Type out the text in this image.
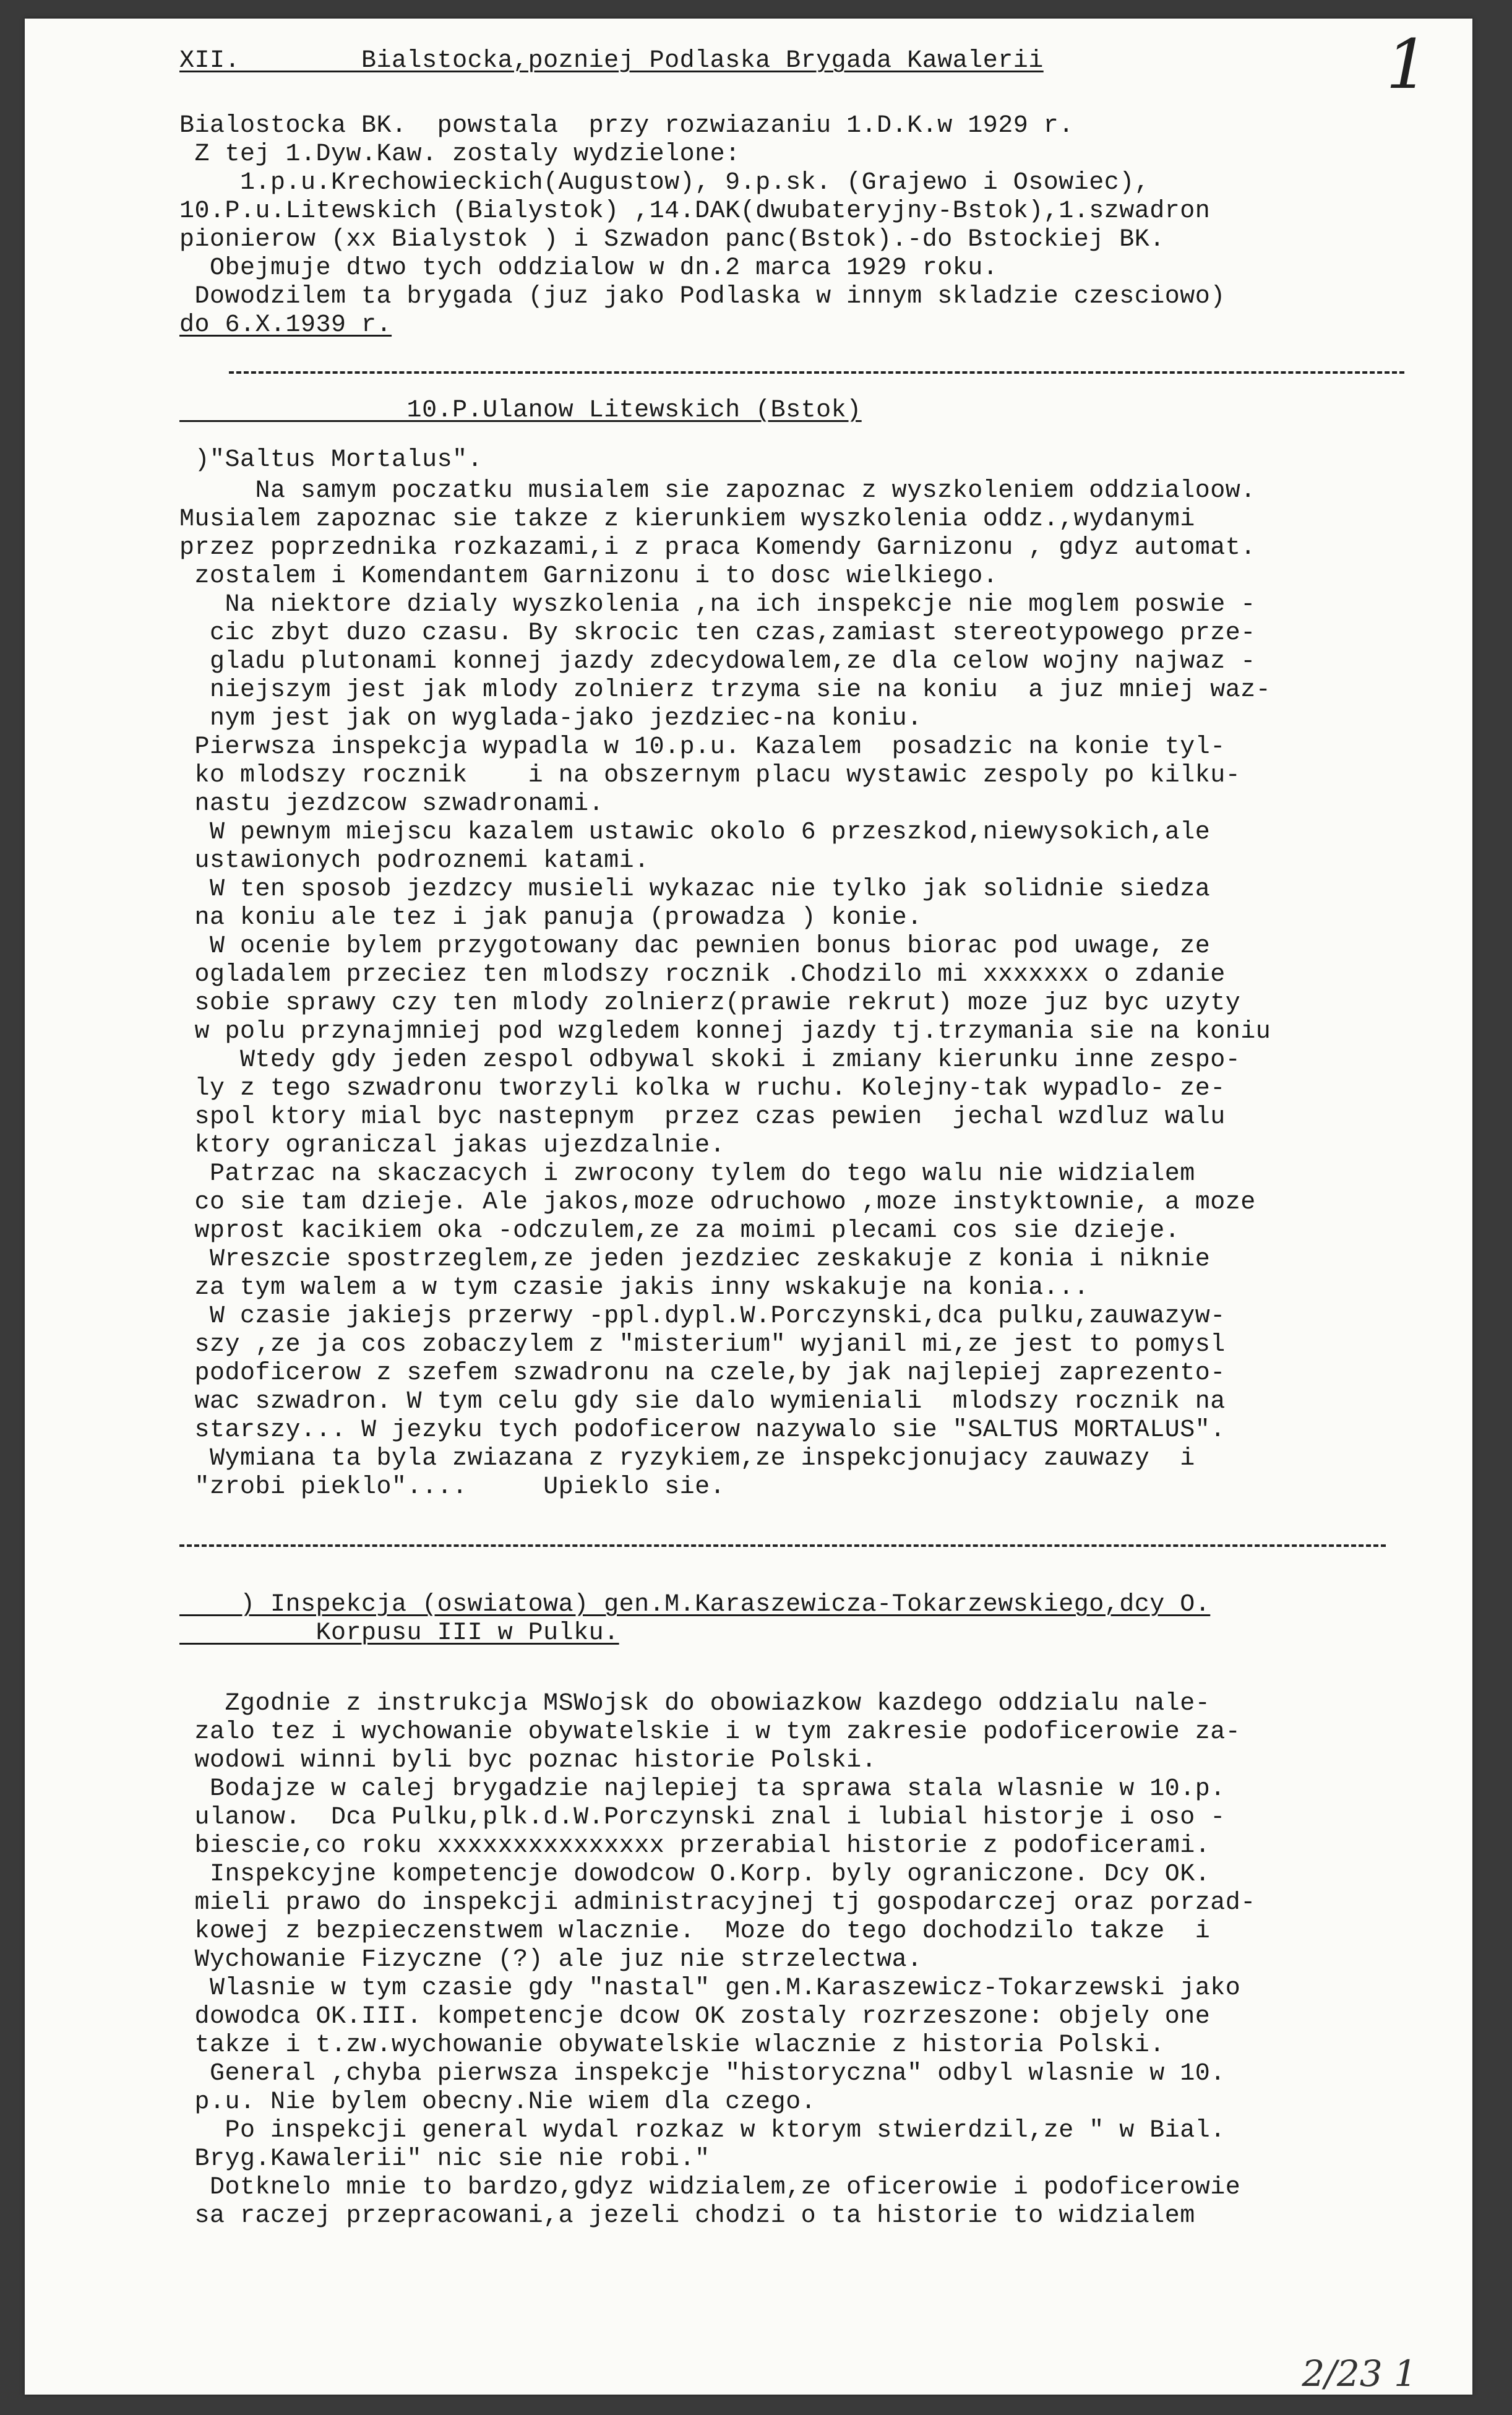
1
XII.        Bialstocka,pozniej Podlaska Brygada Kawalerii
Bialostocka BK.  powstala  przy rozwiazaniu 1.D.K.w 1929 r.
Z tej 1.Dyw.Kaw. zostaly wydzielone:
1.p.u.Krechowieckich(Augustow), 9.p.sk. (Grajewo i Osowiec),
10.P.u.Litewskich (Bialystok) ,14.DAK(dwubateryjny-Bstok),1.szwadron
pionierow (xx Bialystok ) i Szwadon panc(Bstok).-do Bstockiej BK.
Obejmuje dtwo tych oddzialow w dn.2 marca 1929 roku.
Dowodzilem ta brygada (juz jako Podlaska w innym skladzie czesciowo)
do 6.X.1939 r.
10.P.Ulanow Litewskich (Bstok)
)"Saltus Mortalus".
Na samym poczatku musialem sie zapoznac z wyszkoleniem oddzialoow.
Musialem zapoznac sie takze z kierunkiem wyszkolenia oddz.,wydanymi
przez poprzednika rozkazami,i z praca Komendy Garnizonu , gdyz automat.
zostalem i Komendantem Garnizonu i to dosc wielkiego.
Na niektore dzialy wyszkolenia ,na ich inspekcje nie moglem poswie -
cic zbyt duzo czasu. By skrocic ten czas,zamiast stereotypowego prze-
gladu plutonami konnej jazdy zdecydowalem,ze dla celow wojny najwaz -
niejszym jest jak mlody zolnierz trzyma sie na koniu  a juz mniej waz-
nym jest jak on wyglada-jako jezdziec-na koniu.
Pierwsza inspekcja wypadla w 10.p.u. Kazalem  posadzic na konie tyl-
ko mlodszy rocznik    i na obszernym placu wystawic zespoly po kilku-
nastu jezdzcow szwadronami.
W pewnym miejscu kazalem ustawic okolo 6 przeszkod,niewysokich,ale
ustawionych podroznemi katami.
W ten sposob jezdzcy musieli wykazac nie tylko jak solidnie siedza
na koniu ale tez i jak panuja (prowadza ) konie.
W ocenie bylem przygotowany dac pewnien bonus biorac pod uwage, ze
ogladalem przeciez ten mlodszy rocznik .Chodzilo mi xxxxxxx o zdanie
sobie sprawy czy ten mlody zolnierz(prawie rekrut) moze juz byc uzyty
w polu przynajmniej pod wzgledem konnej jazdy tj.trzymania sie na koniu
Wtedy gdy jeden zespol odbywal skoki i zmiany kierunku inne zespo-
ly z tego szwadronu tworzyli kolka w ruchu. Kolejny-tak wypadlo- ze-
spol ktory mial byc nastepnym  przez czas pewien  jechal wzdluz walu
ktory ograniczal jakas ujezdzalnie.
Patrzac na skaczacych i zwrocony tylem do tego walu nie widzialem
co sie tam dzieje. Ale jakos,moze odruchowo ,moze instyktownie, a moze
wprost kacikiem oka -odczulem,ze za moimi plecami cos sie dzieje.
Wreszcie spostrzeglem,ze jeden jezdziec zeskakuje z konia i niknie
za tym walem a w tym czasie jakis inny wskakuje na konia...
W czasie jakiejs przerwy -ppl.dypl.W.Porczynski,dca pulku,zauwazyw-
szy ,ze ja cos zobaczylem z "misterium" wyjanil mi,ze jest to pomysl
podoficerow z szefem szwadronu na czele,by jak najlepiej zaprezento-
wac szwadron. W tym celu gdy sie dalo wymieniali  mlodszy rocznik na
starszy... W jezyku tych podoficerow nazywalo sie "SALTUS MORTALUS".
Wymiana ta byla zwiazana z ryzykiem,ze inspekcjonujacy zauwazy  i
"zrobi pieklo"....     Upieklo sie.
) Inspekcja (oswiatowa) gen.M.Karaszewicza-Tokarzewskiego,dcy O.
Korpusu III w Pulku.
Zgodnie z instrukcja MSWojsk do obowiazkow kazdego oddzialu nale-
zalo tez i wychowanie obywatelskie i w tym zakresie podoficerowie za-
wodowi winni byli byc poznac historie Polski.
Bodajze w calej brygadzie najlepiej ta sprawa stala wlasnie w 10.p.
ulanow.  Dca Pulku,plk.d.W.Porczynski znal i lubial historje i oso -
biescie,co roku xxxxxxxxxxxxxxx przerabial historie z podoficerami.
Inspekcyjne kompetencje dowodcow O.Korp. byly ograniczone. Dcy OK.
mieli prawo do inspekcji administracyjnej tj gospodarczej oraz porzad-
kowej z bezpieczenstwem wlacznie.  Moze do tego dochodzilo takze  i
Wychowanie Fizyczne (?) ale juz nie strzelectwa.
Wlasnie w tym czasie gdy "nastal" gen.M.Karaszewicz-Tokarzewski jako
dowodca OK.III. kompetencje dcow OK zostaly rozrzeszone: objely one
takze i t.zw.wychowanie obywatelskie wlacznie z historia Polski.
General ,chyba pierwsza inspekcje "historyczna" odbyl wlasnie w 10.
p.u. Nie bylem obecny.Nie wiem dla czego.
Po inspekcji general wydal rozkaz w ktorym stwierdzil,ze " w Bial.
Bryg.Kawalerii" nic sie nie robi."
Dotknelo mnie to bardzo,gdyz widzialem,ze oficerowie i podoficerowie
sa raczej przepracowani,a jezeli chodzi o ta historie to widzialem
2/23 1
